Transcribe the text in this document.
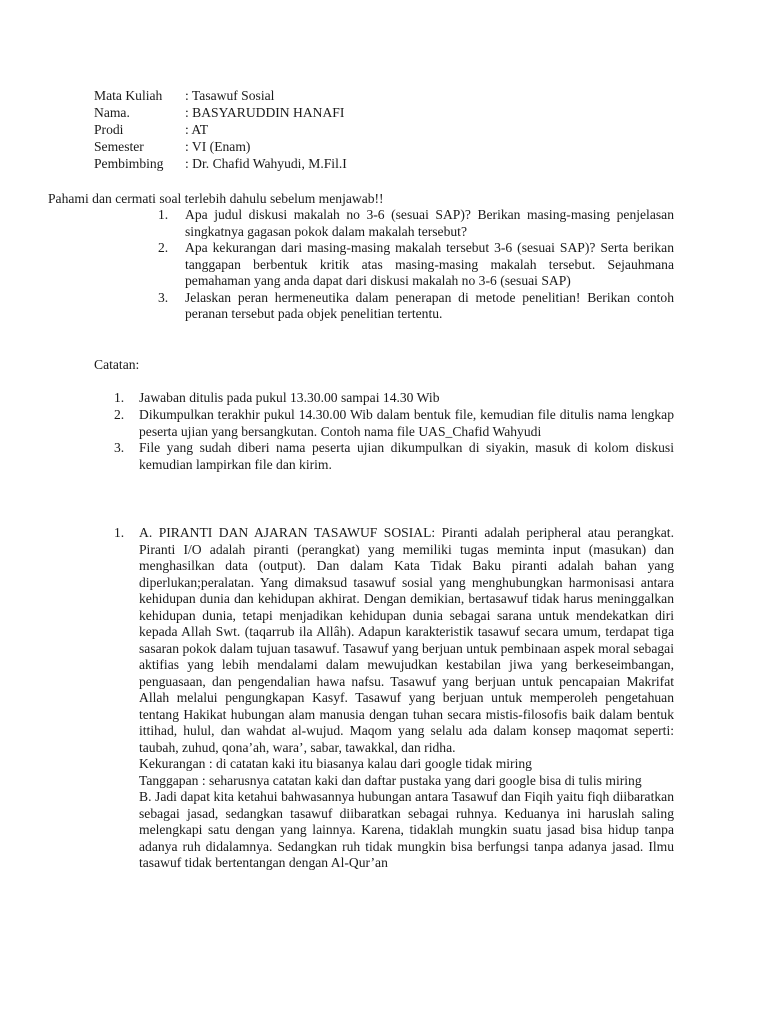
Mata Kuliah	: Tasawuf Sosial
Nama.	: BASYARUDDIN HANAFI
Prodi	: AT
Semester	: VI (Enam)
Pembimbing	: Dr. Chafid Wahyudi, M.Fil.I
Pahami dan cermati soal terlebih dahulu sebelum menjawab!!
1.	Apa judul diskusi makalah no 3-6 (sesuai SAP)? Berikan masing-masing penjelasan singkatnya gagasan pokok dalam makalah tersebut?
2.	Apa kekurangan dari masing-masing makalah tersebut 3-6 (sesuai SAP)? Serta berikan tanggapan berbentuk kritik atas masing-masing makalah tersebut. Sejauhmana pemahaman yang anda dapat dari diskusi makalah no 3-6 (sesuai SAP)
3.	Jelaskan peran hermeneutika dalam penerapan di metode penelitian! Berikan contoh peranan tersebut pada objek penelitian tertentu.
Catatan:
1.	Jawaban ditulis pada pukul 13.30.00 sampai 14.30 Wib
2.	Dikumpulkan terakhir pukul 14.30.00 Wib dalam bentuk file, kemudian file ditulis nama lengkap peserta ujian yang bersangkutan. Contoh nama file UAS_Chafid Wahyudi
3.	File yang sudah diberi nama peserta ujian dikumpulkan di siyakin, masuk di kolom diskusi kemudian lampirkan file dan kirim.
1.	A. PIRANTI DAN AJARAN TASAWUF SOSIAL: Piranti adalah peripheral atau perangkat. Piranti I/O adalah piranti (perangkat) yang memiliki tugas meminta input (masukan) dan menghasilkan data (output). Dan dalam Kata Tidak Baku piranti adalah bahan yang diperlukan;peralatan. Yang dimaksud tasawuf sosial yang menghubungkan harmonisasi antara kehidupan dunia dan kehidupan akhirat. Dengan demikian, bertasawuf tidak harus meninggalkan kehidupan dunia, tetapi menjadikan kehidupan dunia sebagai sarana untuk mendekatkan diri kepada Allah Swt. (taqarrub ila Allâh). Adapun karakteristik tasawuf secara umum, terdapat tiga sasaran pokok dalam tujuan tasawuf. Tasawuf yang berjuan untuk pembinaan aspek moral sebagai aktifias yang lebih mendalami dalam mewujudkan kestabilan jiwa yang berkeseimbangan, penguasaan, dan pengendalian hawa nafsu. Tasawuf yang berjuan untuk pencapaian Makrifat Allah melalui pengungkapan Kasyf. Tasawuf yang berjuan untuk memperoleh pengetahuan tentang Hakikat hubungan alam manusia dengan tuhan secara mistis-filosofis baik dalam bentuk ittihad, hulul, dan wahdat al-wujud. Maqom yang selalu ada dalam konsep maqomat seperti: taubah, zuhud, qona’ah, wara’, sabar, tawakkal, dan ridha.

Kekurangan : di catatan kaki itu biasanya kalau dari google tidak miring

Tanggapan : seharusnya catatan kaki dan daftar pustaka yang dari google bisa di tulis miring

B. Jadi dapat kita ketahui bahwasannya hubungan antara Tasawuf dan Fiqih yaitu fiqh diibaratkan sebagai jasad, sedangkan tasawuf diibaratkan sebagai ruhnya. Keduanya ini haruslah saling melengkapi satu dengan yang lainnya. Karena, tidaklah mungkin suatu jasad bisa hidup tanpa adanya ruh didalamnya. Sedangkan ruh tidak mungkin bisa berfungsi tanpa adanya jasad. Ilmu tasawuf tidak bertentangan dengan Al-Qur’an
